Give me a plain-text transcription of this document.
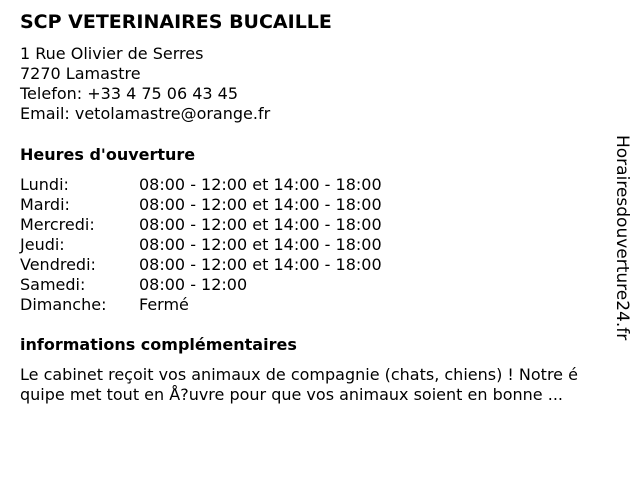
SCP VETERINAIRES BUCAILLE
1 Rue Olivier de Serres
7270 Lamastre
Telefon: +33 4 75 06 43 45
Email: vetolamastre@orange.fr
Heures d'ouverture
Lundi:	08:00 - 12:00 et 14:00 - 18:00
Mardi:	08:00 - 12:00 et 14:00 - 18:00
Mercredi:	08:00 - 12:00 et 14:00 - 18:00
Jeudi:	08:00 - 12:00 et 14:00 - 18:00
Vendredi:	08:00 - 12:00 et 14:00 - 18:00
Samedi:	08:00 - 12:00
Dimanche: Fermé
informations complémentaires
Le cabinet reçoit vos animaux de compagnie (chats, chiens) ! Notre é
quipe met tout en Å?uvre pour que vos animaux soient en bonne ...
Horairesdouverture24.fr
